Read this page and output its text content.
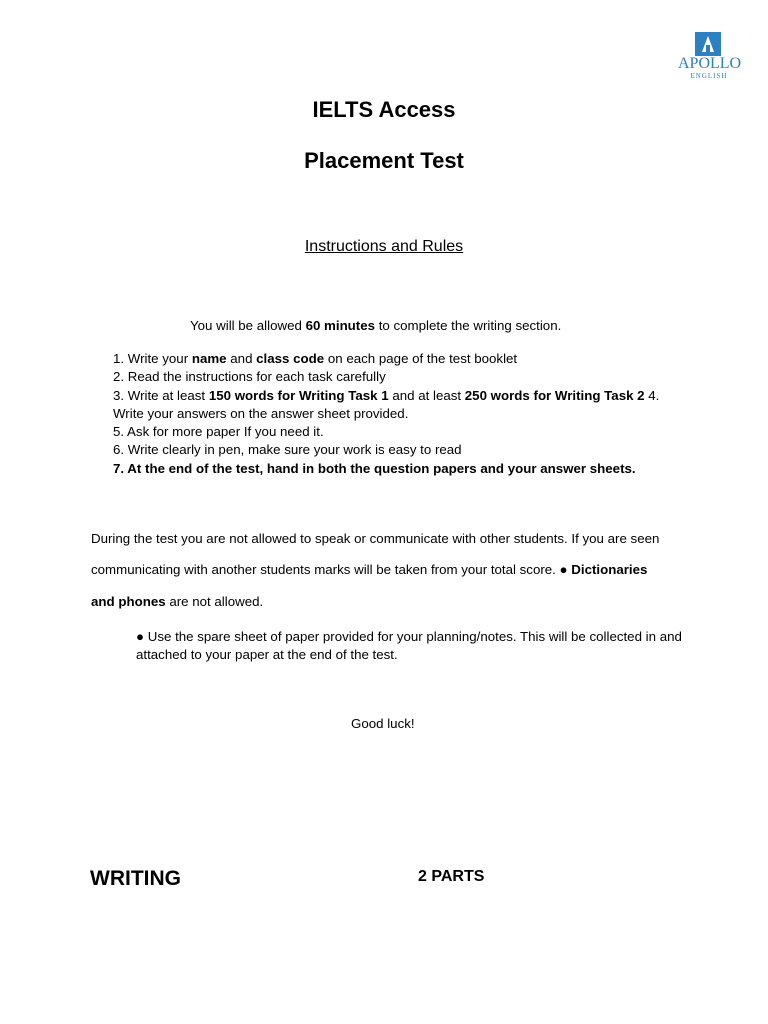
APOLLO
ENGLISH
IELTS Access
Placement Test
Instructions and Rules
You will be allowed 60 minutes to complete the writing section.
1. Write your name and class code on each page of the test booklet
2. Read the instructions for each task carefully
3. Write at least 150 words for Writing Task 1 and at least 250 words for Writing Task 2 4.
Write your answers on the answer sheet provided.
5. Ask for more paper If you need it.
6. Write clearly in pen, make sure your work is easy to read
7. At the end of the test, hand in both the question papers and your answer sheets.
During the test you are not allowed to speak or communicate with other students. If you are seen
communicating with another students marks will be taken from your total score. ● Dictionaries
and phones are not allowed.
● Use the spare sheet of paper provided for your planning/notes. This will be collected in and
attached to your paper at the end of the test.
Good luck!
WRITING	2 PARTS
